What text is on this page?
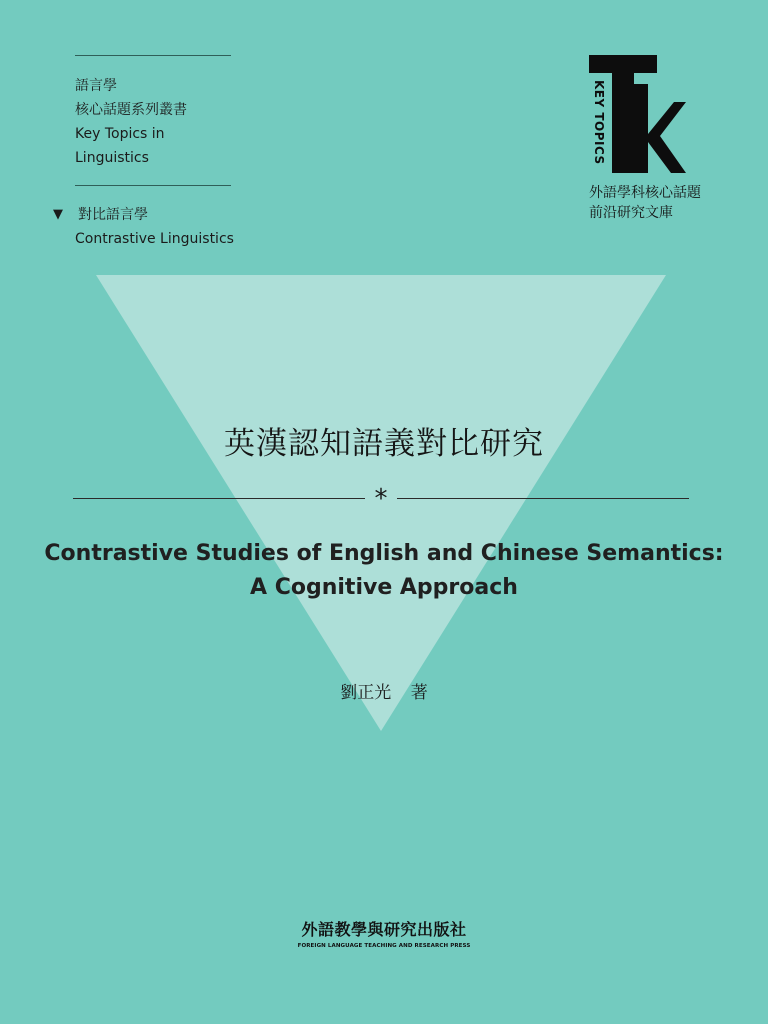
語言學
核心話題系列叢書
Key Topics in
Linguistics
▼ 對比語言學
Contrastive Linguistics
KEY TOPICS
外語學科核心話題
前沿研究文庫
英漢認知語義對比研究
*
Contrastive Studies of English and Chinese Semantics:
A Cognitive Approach
劉正光 著
外語教學與研究出版社
FOREIGN LANGUAGE TEACHING AND RESEARCH PRESS
